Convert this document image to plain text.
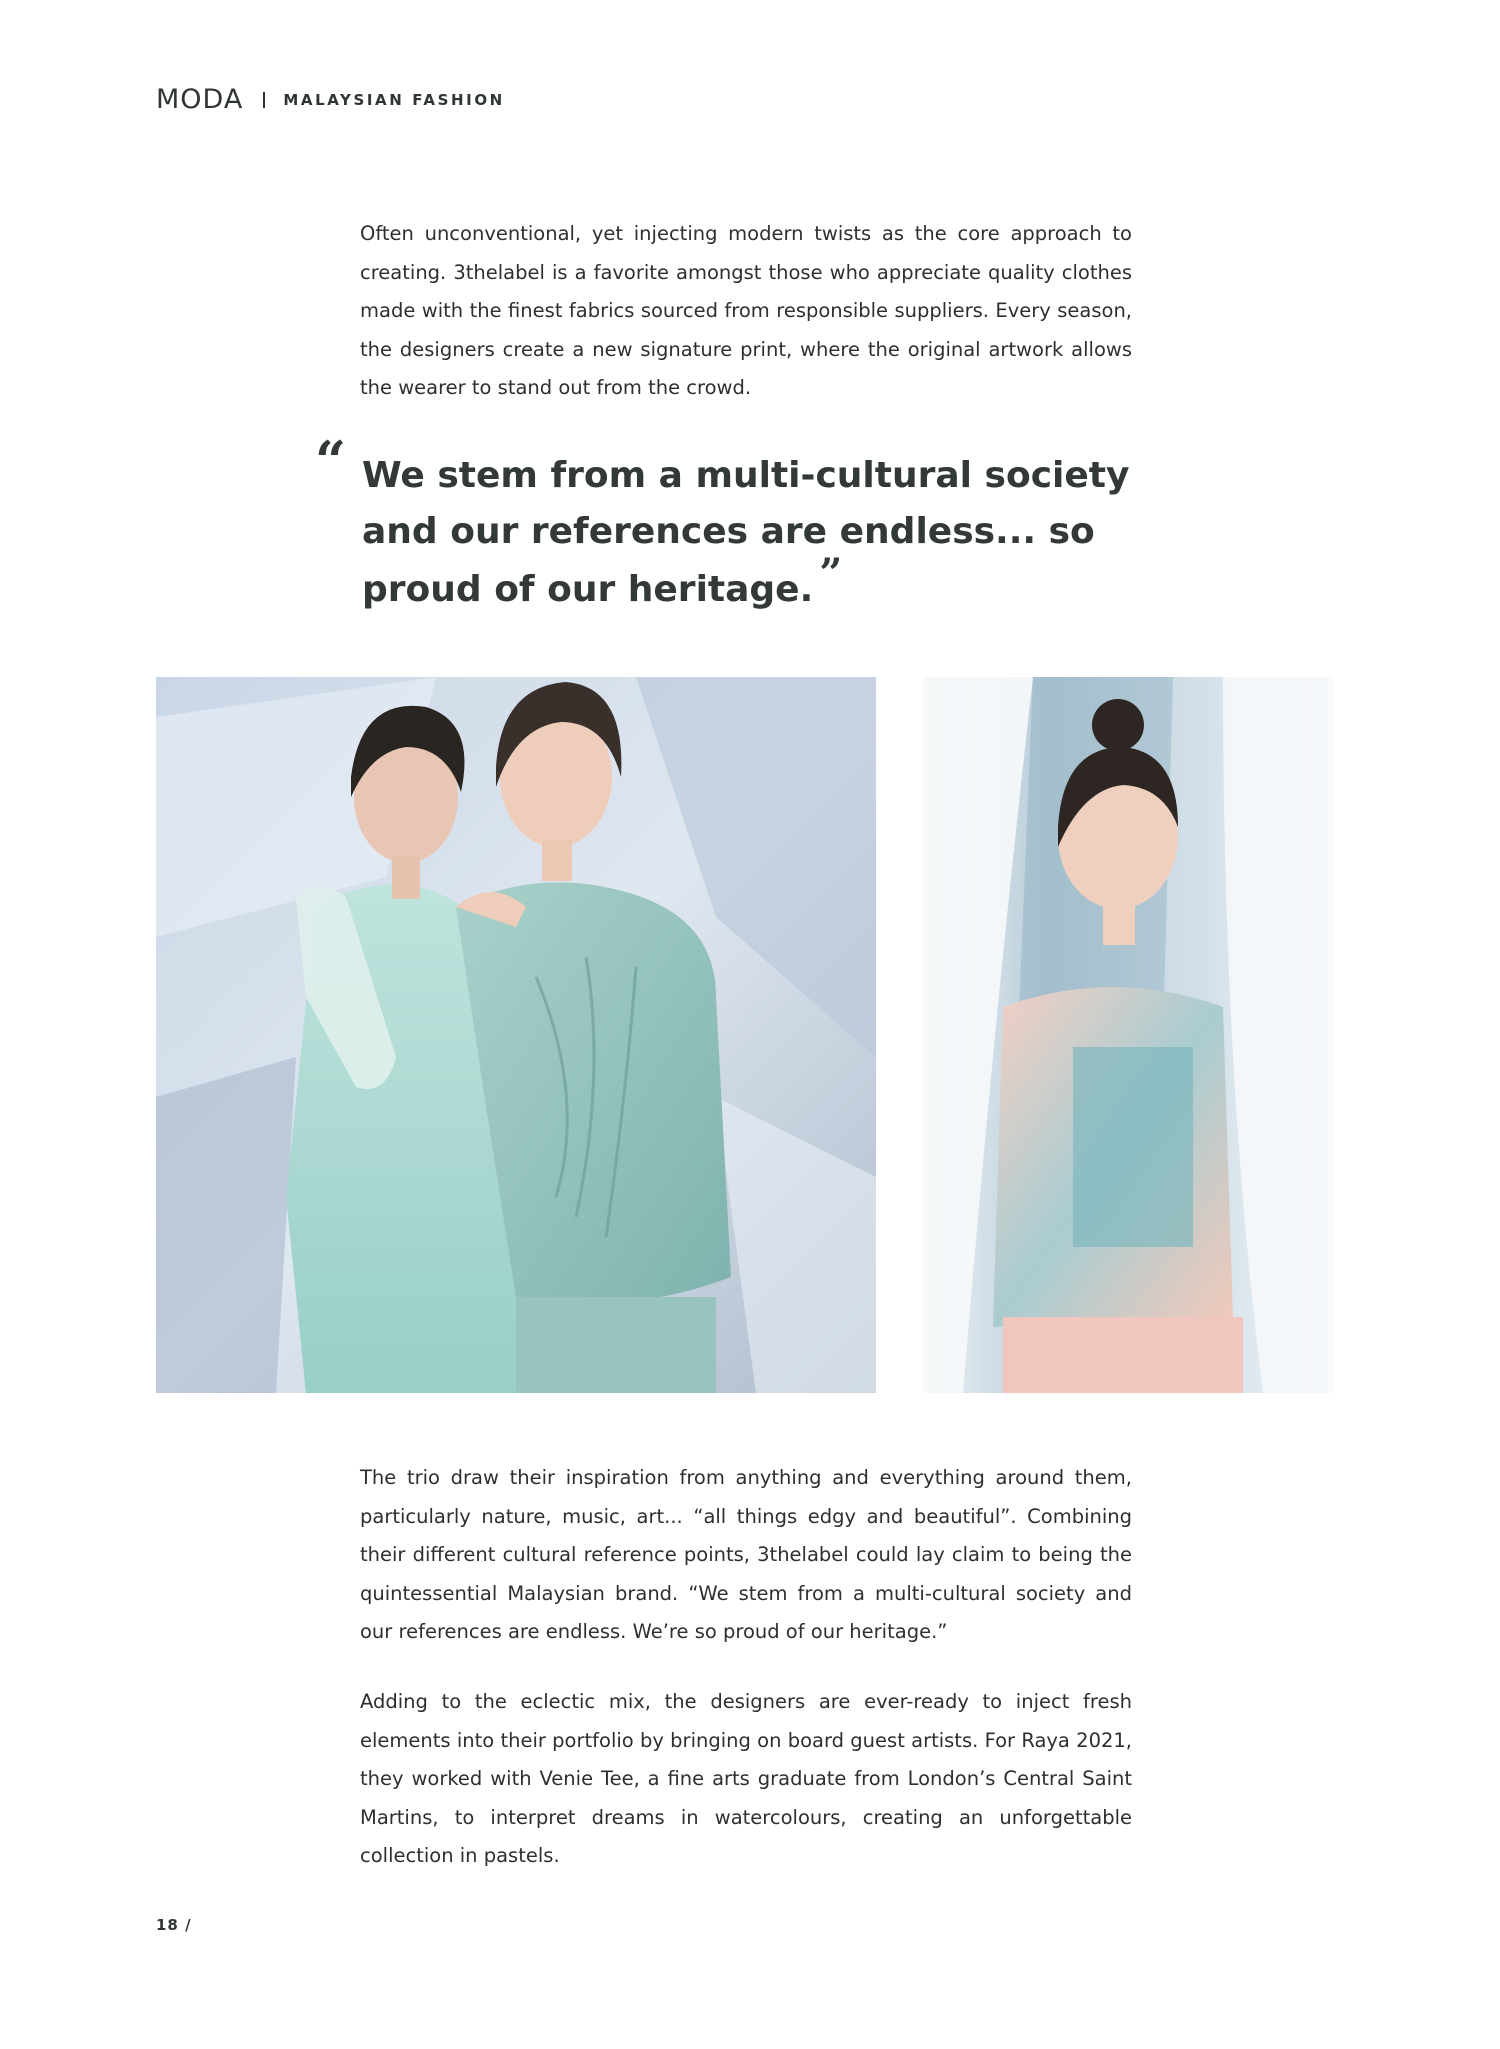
MODA	MALAYSIAN FASHION

Often unconventional, yet injecting modern twists as the core approach to creating. 3thelabel is a favorite amongst those who appreciate quality clothes made with the finest fabrics sourced from responsible suppliers. Every season, the designers create a new signature print, where the original artwork allows the wearer to stand out from the crowd.

“ We stem from a multi-cultural society and our references are endless... so proud of our heritage. ”

The trio draw their inspiration from anything and everything around them, particularly nature, music, art... “all things edgy and beautiful”. Combining their different cultural reference points, 3thelabel could lay claim to being the quintessential Malaysian brand. “We stem from a multi-cultural society and our references are endless. We’re so proud of our heritage.”

Adding to the eclectic mix, the designers are ever-ready to inject fresh elements into their portfolio by bringing on board guest artists. For Raya 2021, they worked with Venie Tee, a fine arts graduate from London’s Central Saint Martins, to interpret dreams in watercolours, creating an unforgettable collection in pastels.

18 /
